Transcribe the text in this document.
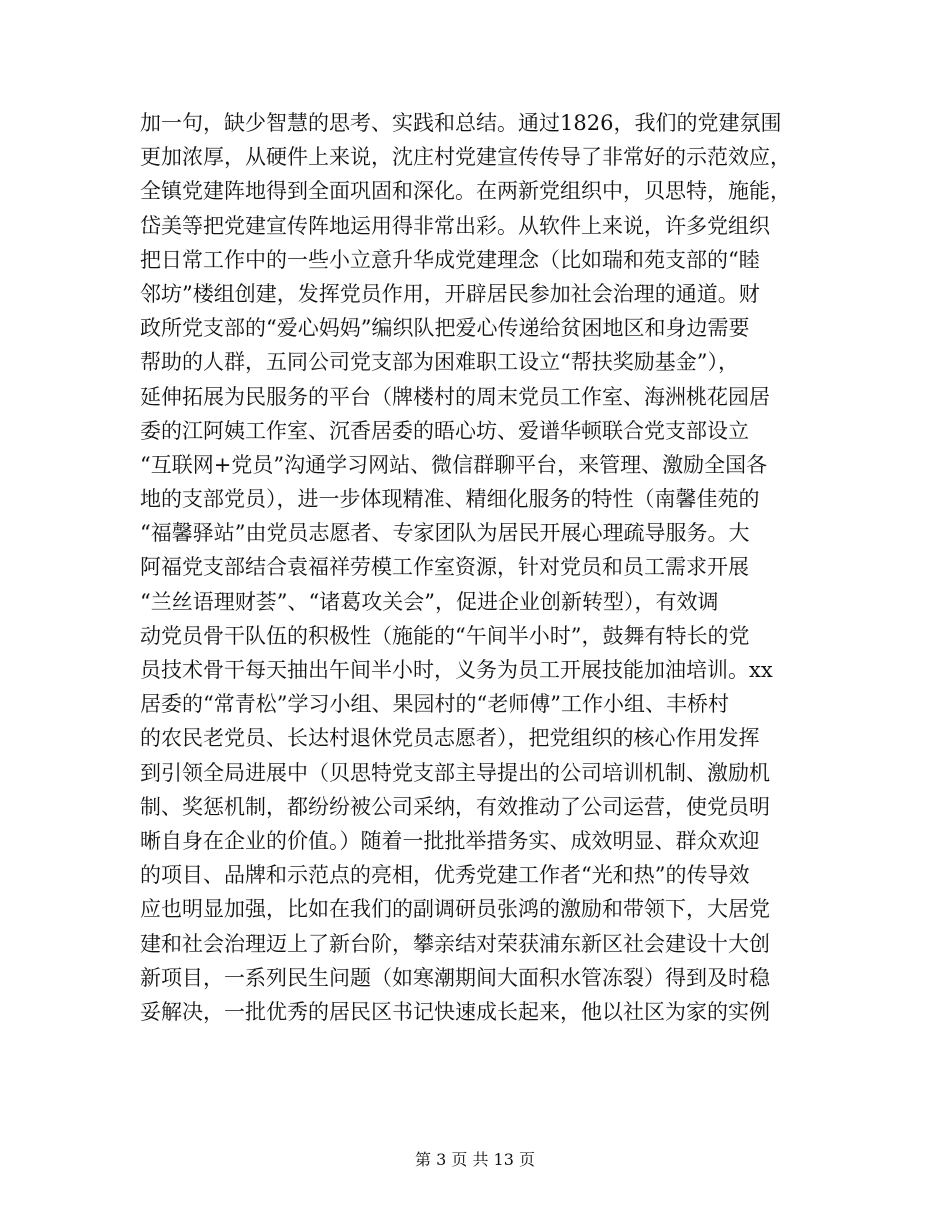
加一句，缺少智慧的思考、实践和总结。通过1826，我们的党建氛围
更加浓厚，从硬件上来说，沈庄村党建宣传传导了非常好的示范效应，
全镇党建阵地得到全面巩固和深化。在两新党组织中，贝思特，施能，
岱美等把党建宣传阵地运用得非常出彩。从软件上来说，许多党组织
把日常工作中的一些小立意升华成党建理念（比如瑞和苑支部的“睦
邻坊”楼组创建，发挥党员作用，开辟居民参加社会治理的通道。财
政所党支部的“爱心妈妈”编织队把爱心传递给贫困地区和身边需要
帮助的人群，五同公司党支部为困难职工设立“帮扶奖励基金”），
延伸拓展为民服务的平台（牌楼村的周末党员工作室、海洲桃花园居
委的江阿姨工作室、沉香居委的晤心坊、爱谱华顿联合党支部设立
“互联网+党员”沟通学习网站、微信群聊平台，来管理、激励全国各
地的支部党员），进一步体现精准、精细化服务的特性（南馨佳苑的
“福馨驿站”由党员志愿者、专家团队为居民开展心理疏导服务。大
阿福党支部结合袁福祥劳模工作室资源，针对党员和员工需求开展
“兰丝语理财荟”、“诸葛攻关会”，促进企业创新转型），有效调
动党员骨干队伍的积极性（施能的“午间半小时”，鼓舞有特长的党
员技术骨干每天抽出午间半小时，义务为员工开展技能加油培训。xx
居委的“常青松”学习小组、果园村的“老师傅”工作小组、丰桥村
的农民老党员、长达村退休党员志愿者），把党组织的核心作用发挥
到引领全局进展中（贝思特党支部主导提出的公司培训机制、激励机
制、奖惩机制，都纷纷被公司采纳，有效推动了公司运营，使党员明
晰自身在企业的价值。）随着一批批举措务实、成效明显、群众欢迎
的项目、品牌和示范点的亮相，优秀党建工作者“光和热”的传导效
应也明显加强，比如在我们的副调研员张鸿的激励和带领下，大居党
建和社会治理迈上了新台阶，攀亲结对荣获浦东新区社会建设十大创
新项目，一系列民生问题（如寒潮期间大面积水管冻裂）得到及时稳
妥解决，一批优秀的居民区书记快速成长起来，他以社区为家的实例
第 3 页 共 13 页
